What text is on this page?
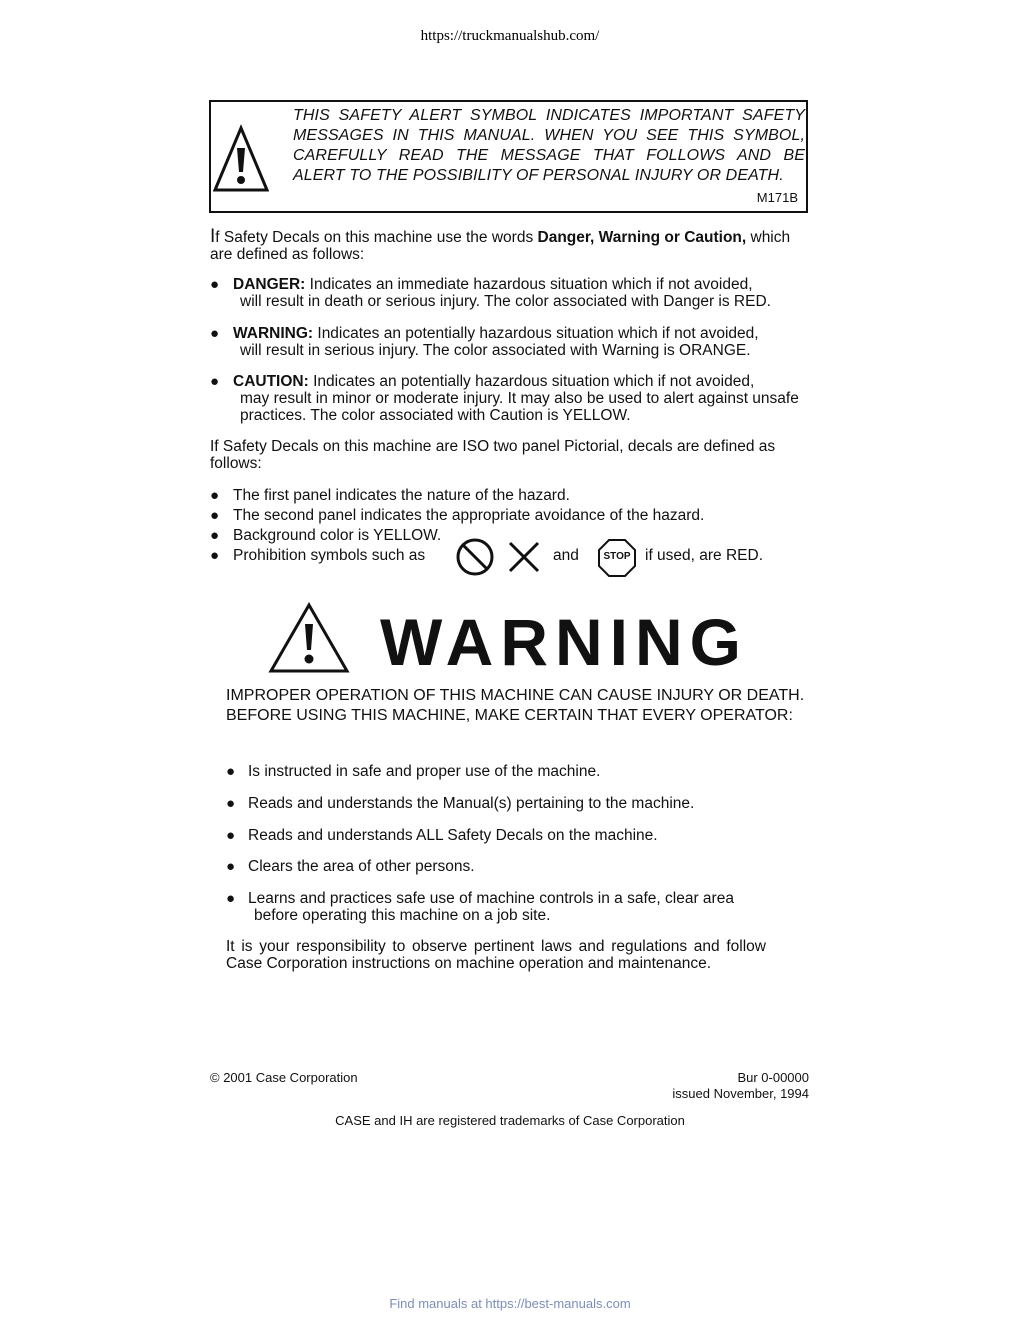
https://truckmanualshub.com/
THIS SAFETY ALERT SYMBOL INDICATES IMPORTANT SAFETY MESSAGES IN THIS MANUAL. WHEN YOU SEE THIS SYMBOL, CAREFULLY READ THE MESSAGE THAT FOLLOWS AND BE ALERT TO THE POSSIBILITY OF PERSONAL INJURY OR DEATH.
M171B
If Safety Decals on this machine use the words Danger, Warning or Caution, which are defined as follows:
● DANGER: Indicates an immediate hazardous situation which if not avoided,
will result in death or serious injury. The color associated with Danger is RED.
● WARNING: Indicates an potentially hazardous situation which if not avoided,
will result in serious injury. The color associated with Warning is ORANGE.
● CAUTION: Indicates an potentially hazardous situation which if not avoided,
may result in minor or moderate injury. It may also be used to alert against unsafe practices. The color associated with Caution is YELLOW.
If Safety Decals on this machine are ISO two panel Pictorial, decals are defined as follows:
● The first panel indicates the nature of the hazard.
● The second panel indicates the appropriate avoidance of the hazard.
● Background color is YELLOW.
● Prohibition symbols such as	and	STOP if used, are RED.
WARNING
IMPROPER OPERATION OF THIS MACHINE CAN CAUSE INJURY OR DEATH. BEFORE USING THIS MACHINE, MAKE CERTAIN THAT EVERY OPERATOR:
● Is instructed in safe and proper use of the machine.
● Reads and understands the Manual(s) pertaining to the machine.
● Reads and understands ALL Safety Decals on the machine.
● Clears the area of other persons.
● Learns and practices safe use of machine controls in a safe, clear area
before operating this machine on a job site.
It is your responsibility to observe pertinent laws and regulations and follow Case Corporation instructions on machine operation and maintenance.
© 2001 Case Corporation	Bur 0-00000
issued November, 1994
CASE and IH are registered trademarks of Case Corporation
Find manuals at https://best-manuals.com
